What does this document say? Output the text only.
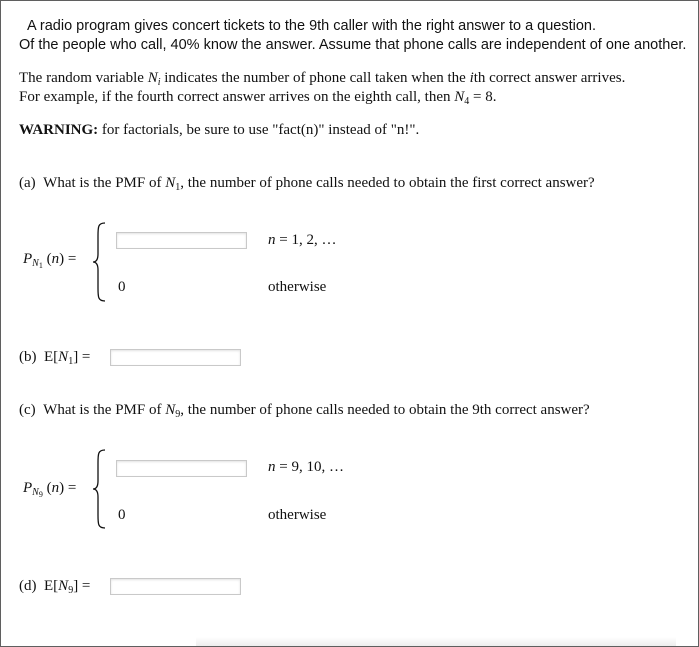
A radio program gives concert tickets to the 9th caller with the right answer to a question.
Of the people who call, 40% know the answer. Assume that phone calls are independent of one another.
The random variable $N_i$ indicates the number of phone call taken when the ith correct answer arrives.
For example, if the fourth correct answer arrives on the eighth call, then $N_4 = 8$.
WARNING: for factorials, be sure to use "fact(n)" instead of "n!".
(a) What is the PMF of $N_1$, the number of phone calls needed to obtain the first correct answer?
$P_{N_1}$ (n) =
n = 1, 2, …
0	otherwise
(b) $E[N_1]$ =
(c) What is the PMF of $N_9$, the number of phone calls needed to obtain the 9th correct answer?
$P_{N_9}$ (n) =
n = 9, 10, …
0	otherwise
(d) $E[N_9]$ =
